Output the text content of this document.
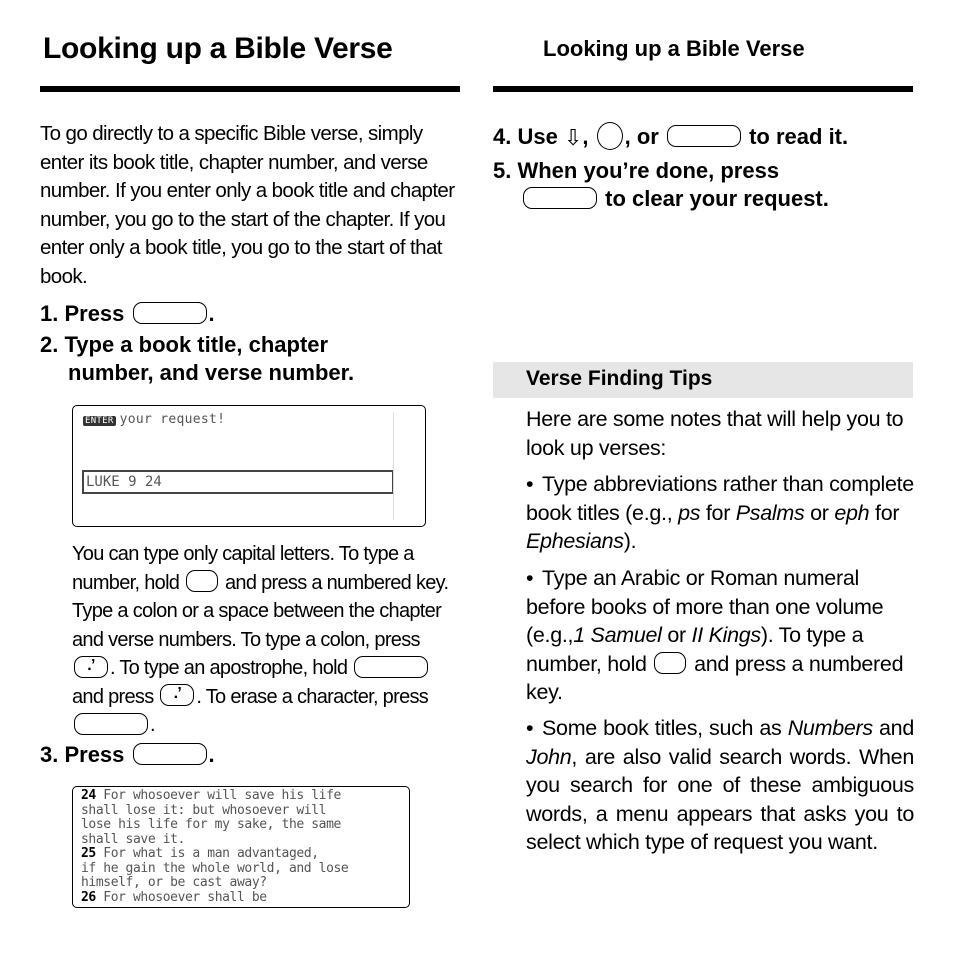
Looking up a Bible Verse	Looking up a Bible Verse
To go directly to a specific Bible verse, simply enter its book title, chapter number, and verse number. If you enter only a book title and chapter number, you go to the start of the chapter. If you enter only a book title, you go to the start of that book.
1. Press	.
2. Type a book title, chapter
number, and verse number.
ENTER your request!
LUKE 9 24
You can type only capital letters. To type a number, hold and press a numbered key. Type a colon or a space between the chapter and verse numbers. To type a colon, press .’ . To type an apostrophe, hold  and press .’ . To erase a character, press .
3. Press	.
24 For whosoever will save his life
shall lose it: but whosoever will
lose his life for my sake, the same
shall save it.
25 For what is a man advantaged,
if he gain the whole world, and lose
himself, or be cast away?
26 For whosoever shall be
4. Use ⇩, , or	to read it.
5. When you’re done, press
to clear your request.
Verse Finding Tips
Here are some notes that will help you to look up verses:
• Type abbreviations rather than complete book titles (e.g., ps for Psalms or eph for Ephesians).
• Type an Arabic or Roman numeral before books of more than one volume (e.g.,1 Samuel or II Kings). To type a number, hold and press a numbered key.
• Some book titles, such as Numbers and John, are also valid search words. When you search for one of these ambiguous words, a menu appears that asks you to select which type of request you want.
